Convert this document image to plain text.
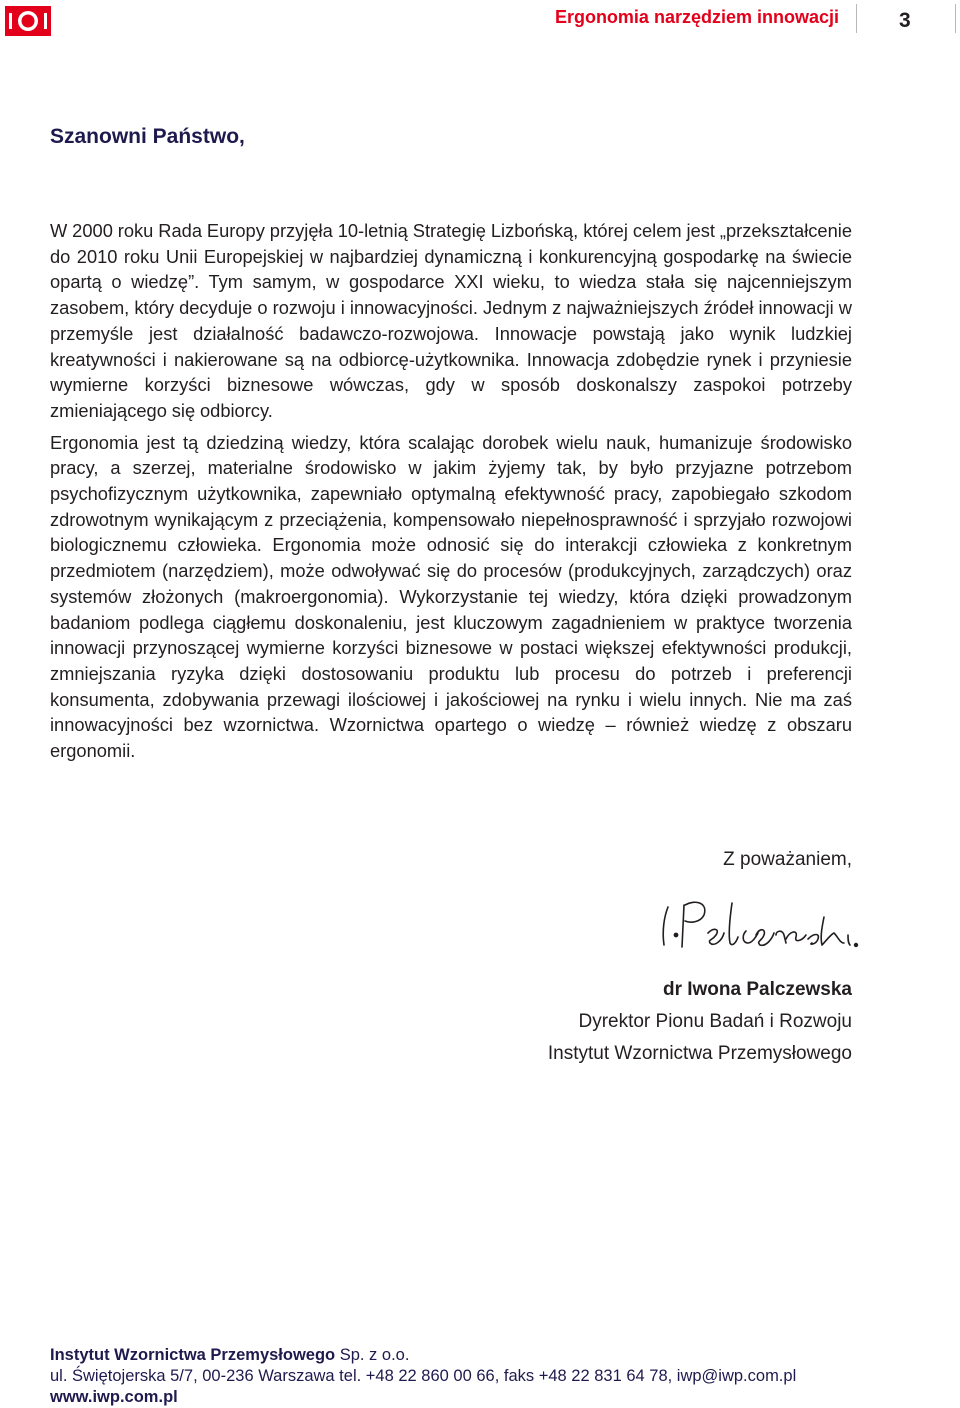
Ergonomia narzędziem innowacji	3
Szanowni Państwo,

W 2000 roku Rada Europy przyjęła 10-letnią Strategię Lizbońską, której celem jest „przekształcenie do 2010 roku Unii Europejskiej w najbardziej dynamiczną i konkurencyjną gospodarkę na świecie opartą o wiedzę”. Tym samym, w gospodarce XXI wieku, to wiedza stała się najcenniejszym zasobem, który decyduje o rozwoju i innowacyjności. Jednym z najważniejszych źródeł innowacji w przemyśle jest działalność badawczo-rozwojowa. Innowacje powstają jako wynik ludzkiej kreatywności i nakierowane są na odbiorcę-użytkownika. Innowacja zdobędzie rynek i przyniesie wymierne korzyści biznesowe wówczas, gdy w sposób doskonalszy zaspokoi potrzeby zmieniającego się odbiorcy.

Ergonomia jest tą dziedziną wiedzy, która scalając dorobek wielu nauk, humanizuje środowisko pracy, a szerzej, materialne środowisko w jakim żyjemy tak, by było przyjazne potrzebom psychofizycznym użytkownika, zapewniało optymalną efektywność pracy, zapobiegało szkodom zdrowotnym wynikającym z przeciążenia, kompensowało niepełnosprawność i sprzyjało rozwojowi biologicznemu człowieka. Ergonomia może odnosić się do interakcji człowieka z konkretnym przedmiotem (narzędziem), może odwoływać się do procesów (produkcyjnych, zarządczych) oraz systemów złożonych (makroergonomia). Wykorzystanie tej wiedzy, która dzięki prowadzonym badaniom podlega ciągłemu doskonaleniu, jest kluczowym zagadnieniem w praktyce tworzenia innowacji przynoszącej wymierne korzyści biznesowe w postaci większej efektywności produkcji, zmniejszania ryzyka dzięki dostosowaniu produktu lub procesu do potrzeb i preferencji konsumenta, zdobywania przewagi ilościowej i jakościowej na rynku i wielu innych. Nie ma zaś innowacyjności bez wzornictwa. Wzornictwa opartego o wiedzę – również wiedzę z obszaru ergonomii.

Z poważaniem,
dr Iwona Palczewska
Dyrektor Pionu Badań i Rozwoju
Instytut Wzornictwa Przemysłowego
Instytut Wzornictwa Przemysłowego Sp. z o.o.
ul. Świętojerska 5/7, 00-236 Warszawa tel. +48 22 860 00 66, faks +48 22 831 64 78, iwp@iwp.com.pl
www.iwp.com.pl
